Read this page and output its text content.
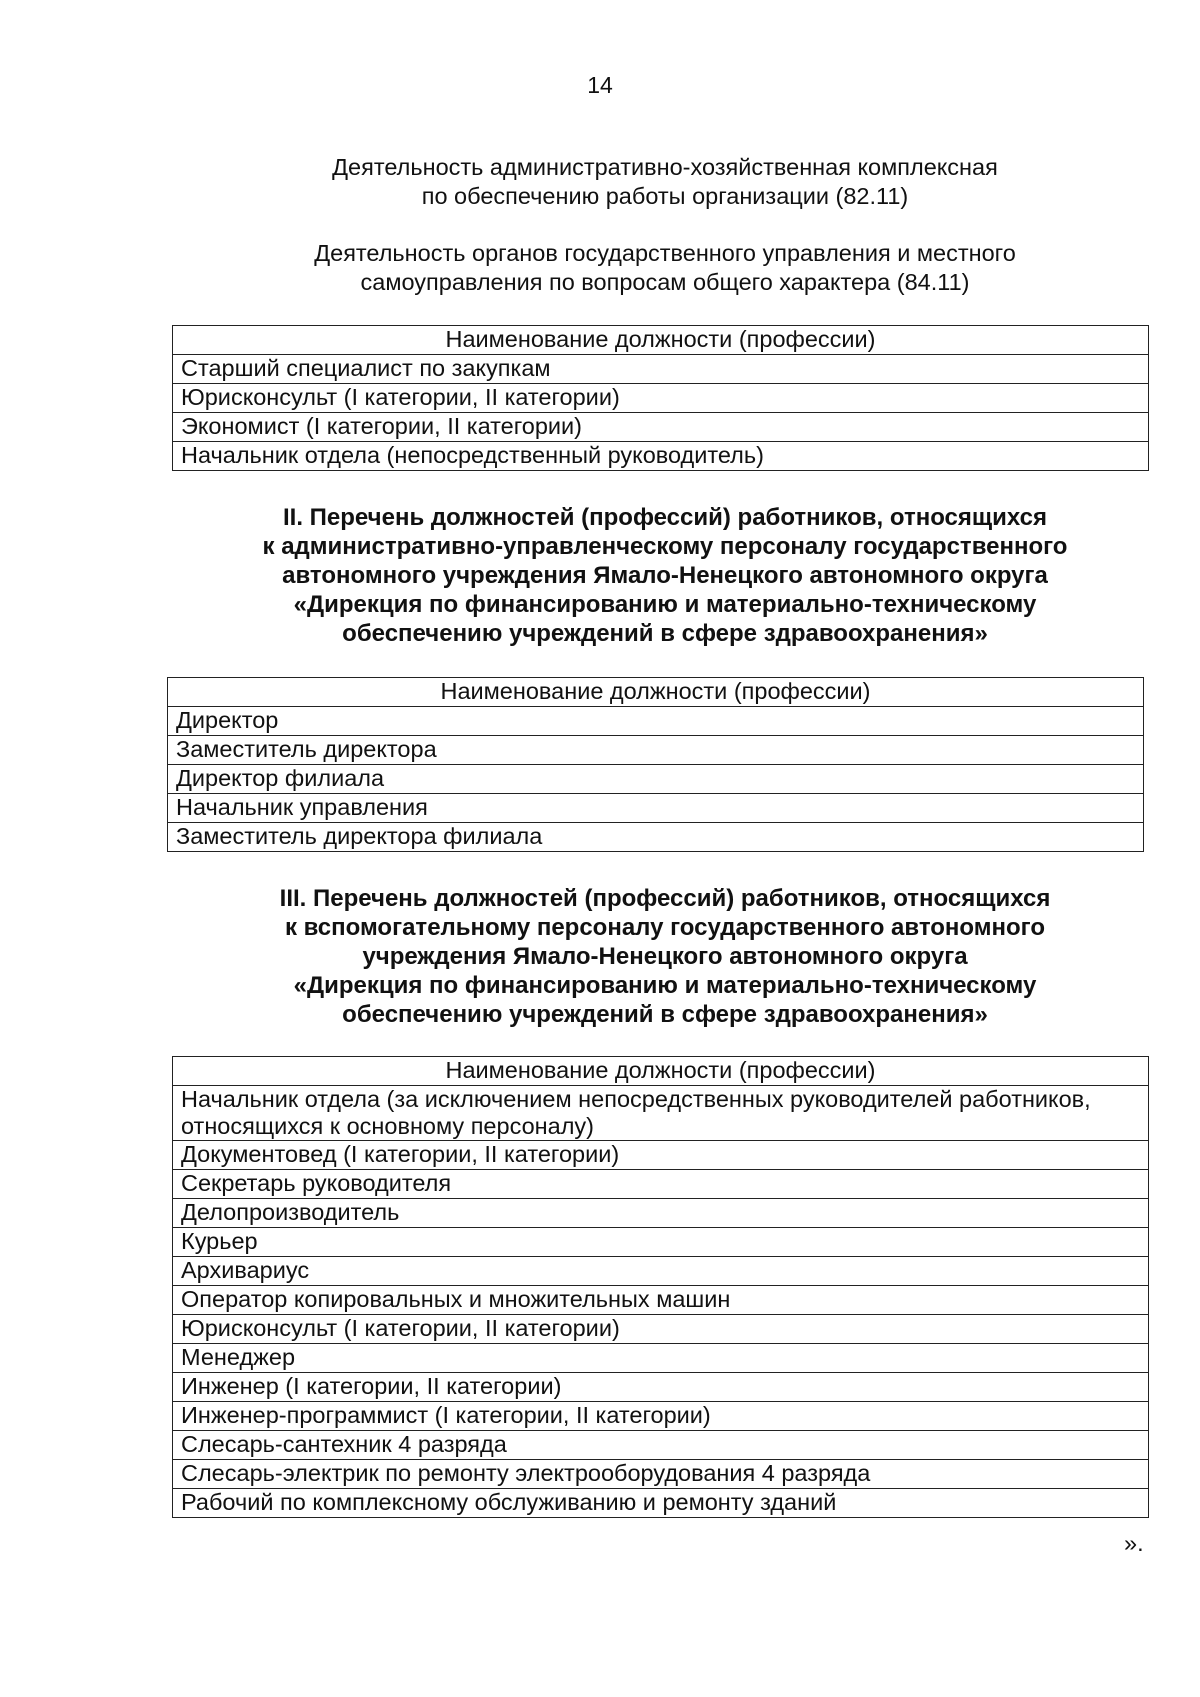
14
Деятельность административно-хозяйственная комплексная
по обеспечению работы организации (82.11)
Деятельность органов государственного управления и местного
самоуправления по вопросам общего характера (84.11)
Наименование должности (профессии)
Старший специалист по закупкам
Юрисконсульт (I категории, II категории)
Экономист (I категории, II категории)
Начальник отдела (непосредственный руководитель)
II. Перечень должностей (профессий) работников, относящихся
к административно-управленческому персоналу государственного
автономного учреждения Ямало-Ненецкого автономного округа
«Дирекция по финансированию и материально-техническому
обеспечению учреждений в сфере здравоохранения»
Наименование должности (профессии)
Директор
Заместитель директора
Директор филиала
Начальник управления
Заместитель директора филиала
III. Перечень должностей (профессий) работников, относящихся
к вспомогательному персоналу государственного автономного
учреждения Ямало-Ненецкого автономного округа
«Дирекция по финансированию и материально-техническому
обеспечению учреждений в сфере здравоохранения»
Наименование должности (профессии)
Начальник отдела (за исключением непосредственных руководителей работников, относящихся к основному персоналу)
Документовед (I категории, II категории)
Секретарь руководителя
Делопроизводитель
Курьер
Архивариус
Оператор копировальных и множительных машин
Юрисконсульт (I категории, II категории)
Менеджер
Инженер (I категории, II категории)
Инженер-программист (I категории, II категории)
Слесарь-сантехник 4 разряда
Слесарь-электрик по ремонту электрооборудования 4 разряда
Рабочий по комплексному обслуживанию и ремонту зданий
».
